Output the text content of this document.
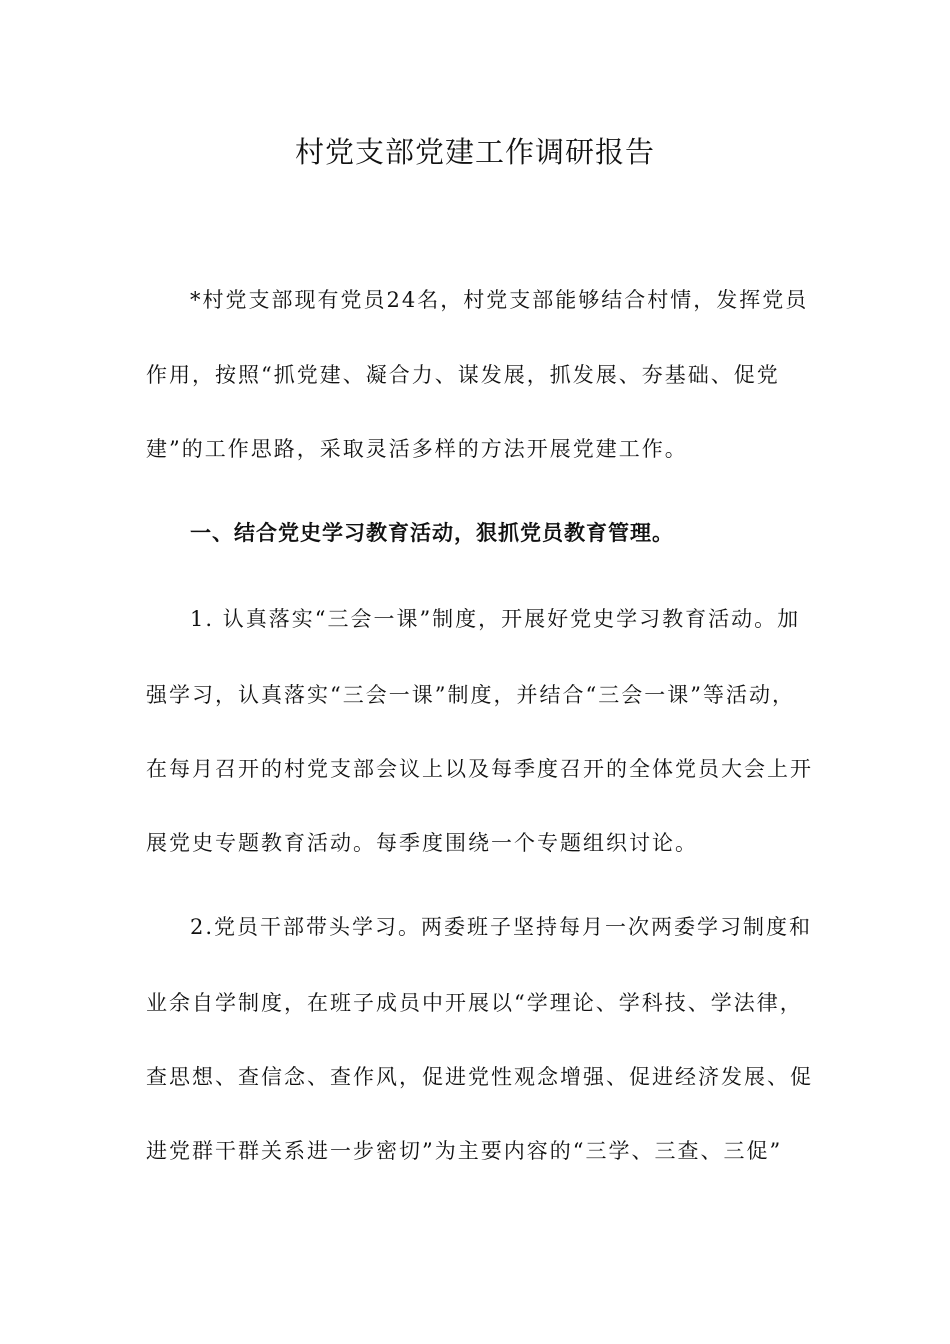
村党支部党建工作调研报告
*村党支部现有党员24名，村党支部能够结合村情，发挥党员
作用，按照“抓党建、凝合力、谋发展，抓发展、夯基础、促党
建”的工作思路，采取灵活多样的方法开展党建工作。
一、结合党史学习教育活动，狠抓党员教育管理。
1. 认真落实“三会一课”制度，开展好党史学习教育活动。加
强学习，认真落实“三会一课”制度，并结合“三会一课”等活动，
在每月召开的村党支部会议上以及每季度召开的全体党员大会上开
展党史专题教育活动。每季度围绕一个专题组织讨论。
2.党员干部带头学习。两委班子坚持每月一次两委学习制度和
业余自学制度，在班子成员中开展以“学理论、学科技、学法律，
查思想、查信念、查作风，促进党性观念增强、促进经济发展、促
进党群干群关系进一步密切”为主要内容的“三学、三查、三促”
